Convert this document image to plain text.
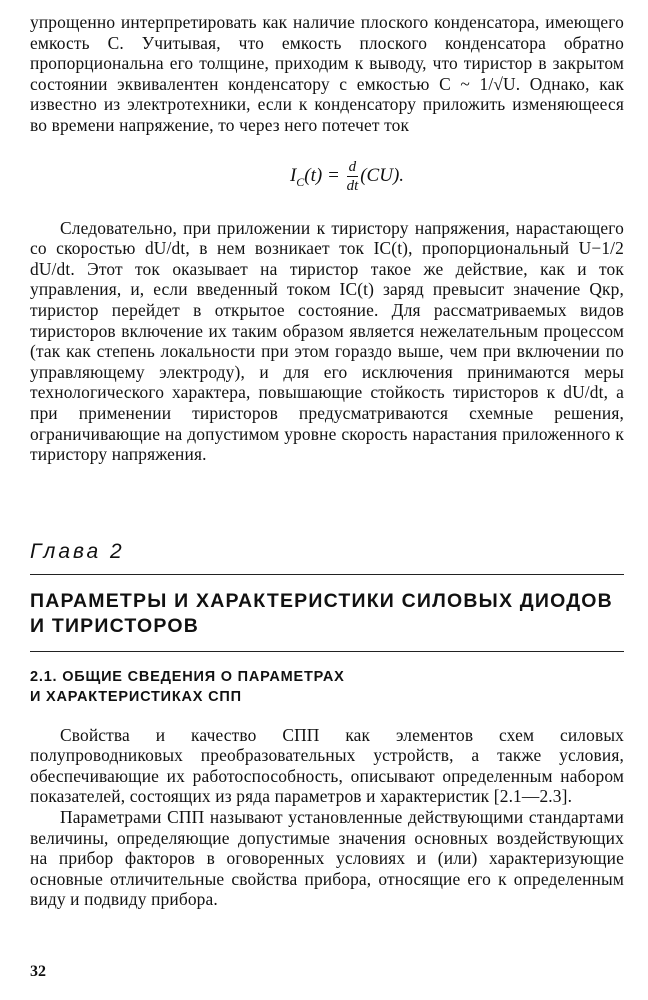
упрощенно интерпретировать как наличие плоского конденсатора, имеющего емкость C. Учитывая, что емкость плоского конденсатора обратно пропорциональна его толщине, приходим к выводу, что тиристор в закрытом состоянии эквивалентен конденсатору с емкостью C ~ 1/√U. Однако, как известно из электротехники, если к конденсатору приложить изменяющееся во времени напряжение, то через него потечет ток

$I_C(t) = \frac{d}{dt} (CU)$.

Следовательно, при приложении к тиристору напряжения, нарастающего со скоростью dU/dt, в нем возникает ток IC(t), пропорциональный U−1/2 dU/dt. Этот ток оказывает на тиристор такое же действие, как и ток управления, и, если введенный током IC(t) заряд превысит значение Qкр, тиристор перейдет в открытое состояние. Для рассматриваемых видов тиристоров включение их таким образом является нежелательным процессом (так как степень локальности при этом гораздо выше, чем при включении по управляющему электроду), и для его исключения принимаются меры технологического характера, повышающие стойкость тиристоров к dU/dt, а при применении тиристоров предусматриваются схемные решения, ограничивающие на допустимом уровне скорость нарастания приложенного к тиристору напряжения.

Глава 2
ПАРАМЕТРЫ И ХАРАКТЕРИСТИКИ СИЛОВЫХ ДИОДОВ И ТИРИСТОРОВ
2.1. ОБЩИЕ СВЕДЕНИЯ О ПАРАМЕТРАХ
И ХАРАКТЕРИСТИКАХ СПП

Свойства и качество СПП как элементов схем силовых полупроводниковых преобразовательных устройств, а также условия, обеспечивающие их работоспособность, описывают определенным набором показателей, состоящих из ряда параметров и характеристик [2.1—2.3].

Параметрами СПП называют установленные действующими стандартами величины, определяющие допустимые значения основных воздействующих на прибор факторов в оговоренных условиях и (или) характеризующие основные отличительные свойства прибора, относящие его к определенным виду и подвиду прибора.

32
